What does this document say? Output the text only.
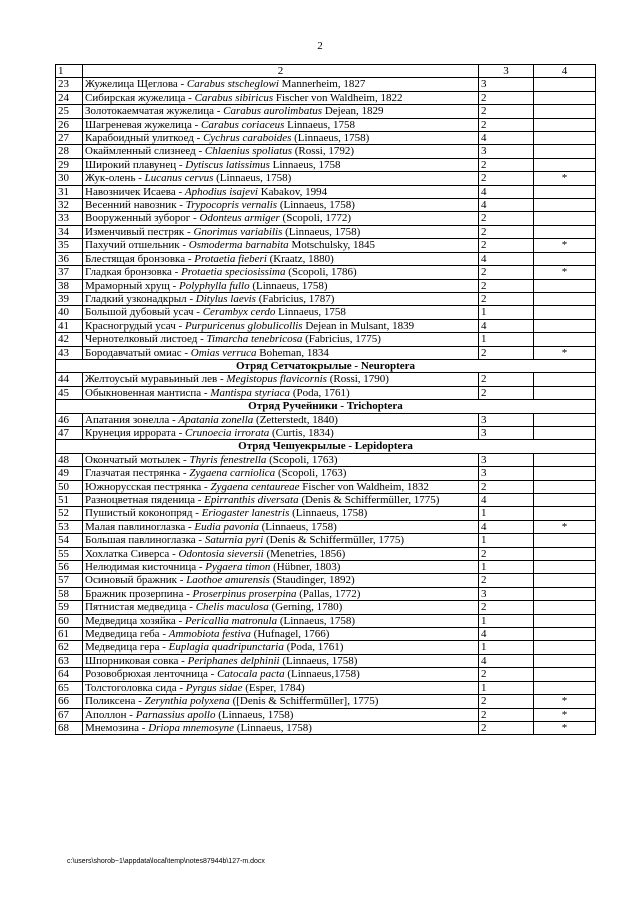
2
1	2	3	4
23	Жужелица Щеглова - Carabus stscheglowi Mannerheim, 1827	3	
24	Сибирская жужелица - Carabus sibiricus Fischer von Waldheim, 1822	2	
25	Золотокаемчатая жужелица - Carabus aurolimbatus Dejean, 1829	2	
26	Шагреневая жужелица - Carabus coriaceus Linnaeus, 1758	2	
27	Карабоидный улиткоед - Cychrus caraboides (Linnaeus, 1758)	4	
28	Окаймленный слизнеед - Chlaenius spoliatus (Rossi, 1792)	3	
29	Широкий плавунец - Dytiscus latissimus Linnaeus, 1758	2	
30	Жук-олень - Lucanus cervus (Linnaeus, 1758)	2	*
31	Навозничек Исаева - Aphodius isajevi Kabakov, 1994	4	
32	Весенний навозник - Trypocopris vernalis (Linnaeus, 1758)	4	
33	Вооруженный зуборог - Odonteus armiger (Scopoli, 1772)	2	
34	Изменчивый пестряк - Gnorimus variabilis (Linnaeus, 1758)	2	
35	Пахучий отшельник - Osmoderma barnabita Motschulsky, 1845	2	*
36	Блестящая бронзовка - Protaetia fieberi (Kraatz, 1880)	4	
37	Гладкая бронзовка - Protaetia speciosissima (Scopoli, 1786)	2	*
38	Мраморный хрущ - Polyphylla fullo (Linnaeus, 1758)	2	
39	Гладкий узконадкрыл - Ditylus laevis (Fabricius, 1787)	2	
40	Большой дубовый усач - Cerambyx cerdo Linnaeus, 1758	1	
41	Красногрудый усач - Purpuricenus globulicollis Dejean in Mulsant, 1839	4	
42	Чернотелковый листоед - Timarcha tenebricosa (Fabricius, 1775)	1	
43	Бородавчатый омиас - Omias verruca Boheman, 1834	2	*
Отряд Сетчатокрылые - Neuroptera			
44	Желтоусый муравьиный лев - Megistopus flavicornis (Rossi, 1790)	2	
45	Обыкновенная мантиспа - Mantispa styriaca (Poda, 1761)	2	
Отряд Ручейники - Trichoptera			
46	Апатания зонелла - Apatania zonella (Zetterstedt, 1840)	3	
47	Крунеция иррората - Crunoecia irrorata (Curtis, 1834)	3	
Отряд Чешуекрылые - Lepidoptera			
48	Окончатый мотылек - Thyris fenestrella (Scopoli, 1763)	3	
49	Глазчатая пестрянка - Zygaena carniolica (Scopoli, 1763)	3	
50	Южнорусская пестрянка - Zygaena centaureae Fischer von Waldheim, 1832	2	
51	Разноцветная пяденица - Epirranthis diversata (Denis & Schiffermüller, 1775)	4	
52	Пушистый коконопряд - Eriogaster lanestris (Linnaeus, 1758)	1	
53	Малая павлиноглазка - Eudia pavonia (Linnaeus, 1758)	4	*
54	Большая павлиноглазка - Saturnia pyri (Denis & Schiffermüller, 1775)	1	
55	Хохлатка Сиверса - Odontosia sieversii (Menetries, 1856)	2	
56	Нелюдимая кисточница - Pygaera timon (Hübner, 1803)	1	
57	Осиновый бражник - Laothoe amurensis (Staudinger, 1892)	2	
58	Бражник прозерпина - Proserpinus proserpina (Pallas, 1772)	3	
59	Пятнистая медведица - Chelis maculosa (Gerning, 1780)	2	
60	Медведица хозяйка - Pericallia matronula (Linnaeus, 1758)	1	
61	Медведица геба - Ammobiota festiva (Hufnagel, 1766)	4	
62	Медведица гера - Euplagia quadripunctaria (Poda, 1761)	1	
63	Шпорниковая совка - Periphanes delphinii (Linnaeus, 1758)	4	
64	Розовобрюхая ленточница - Catocala pacta (Linnaeus,1758)	2	
65	Толстоголовка сида - Pyrgus sidae (Esper, 1784)	1	
66	Поликсена - Zerynthia polyxena ([Denis & Schiffermüller], 1775)	2	*
67	Аполлон - Parnassius apollo (Linnaeus, 1758)	2	*
68	Мнемозина - Driopa mnemosyne (Linnaeus, 1758)	2	*
c:\users\shorob~1\appdata\local\temp\notes87944b\127-m.docx
